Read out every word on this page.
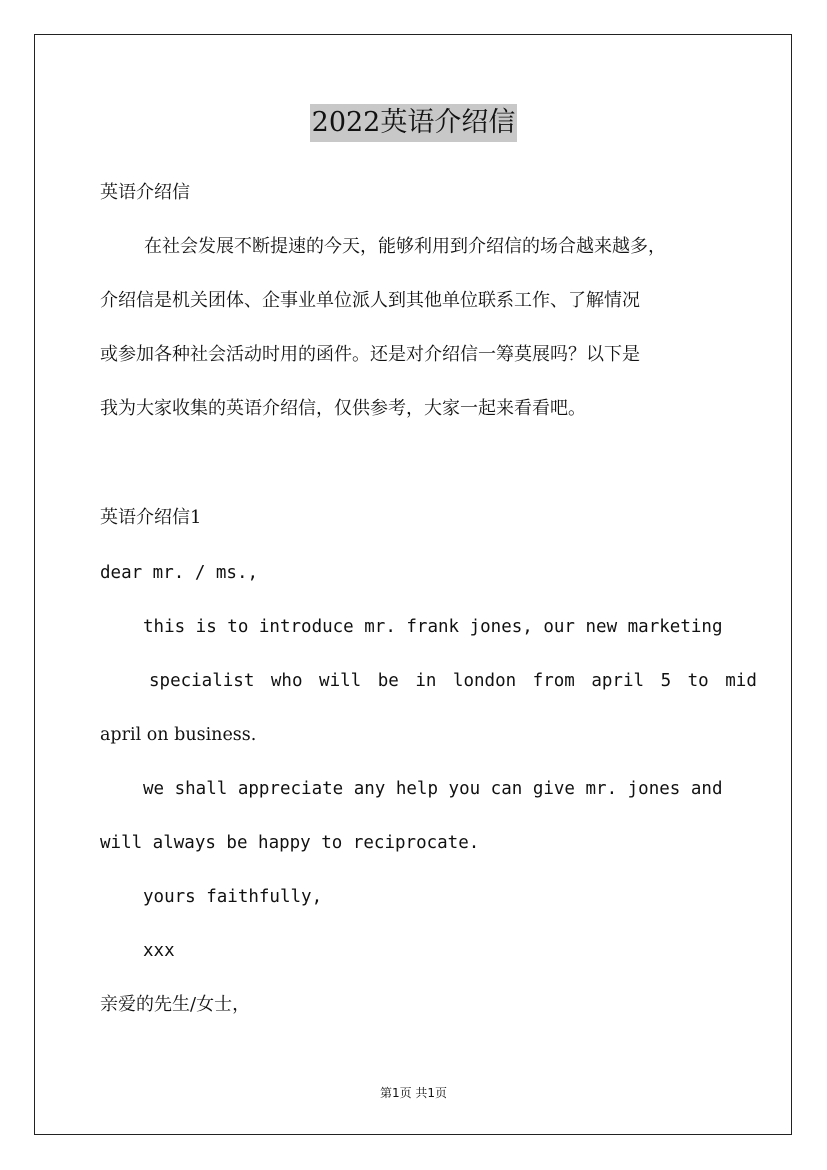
2022英语介绍信
英语介绍信
在社会发展不断提速的今天，能够利用到介绍信的场合越来越多，
介绍信是机关团体、企事业单位派人到其他单位联系工作、了解情况
或参加各种社会活动时用的函件。还是对介绍信一筹莫展吗？以下是
我为大家收集的英语介绍信，仅供参考，大家一起来看看吧。
英语介绍信1
dear mr. / ms.,
this is to introduce mr. frank jones, our new marketing
specialist who will be in london from april 5 to mid
april on business.
we shall appreciate any help you can give mr. jones and
will always be happy to reciprocate.
yours faithfully,
xxx
亲爱的先生/女士，
第1页 共1页
